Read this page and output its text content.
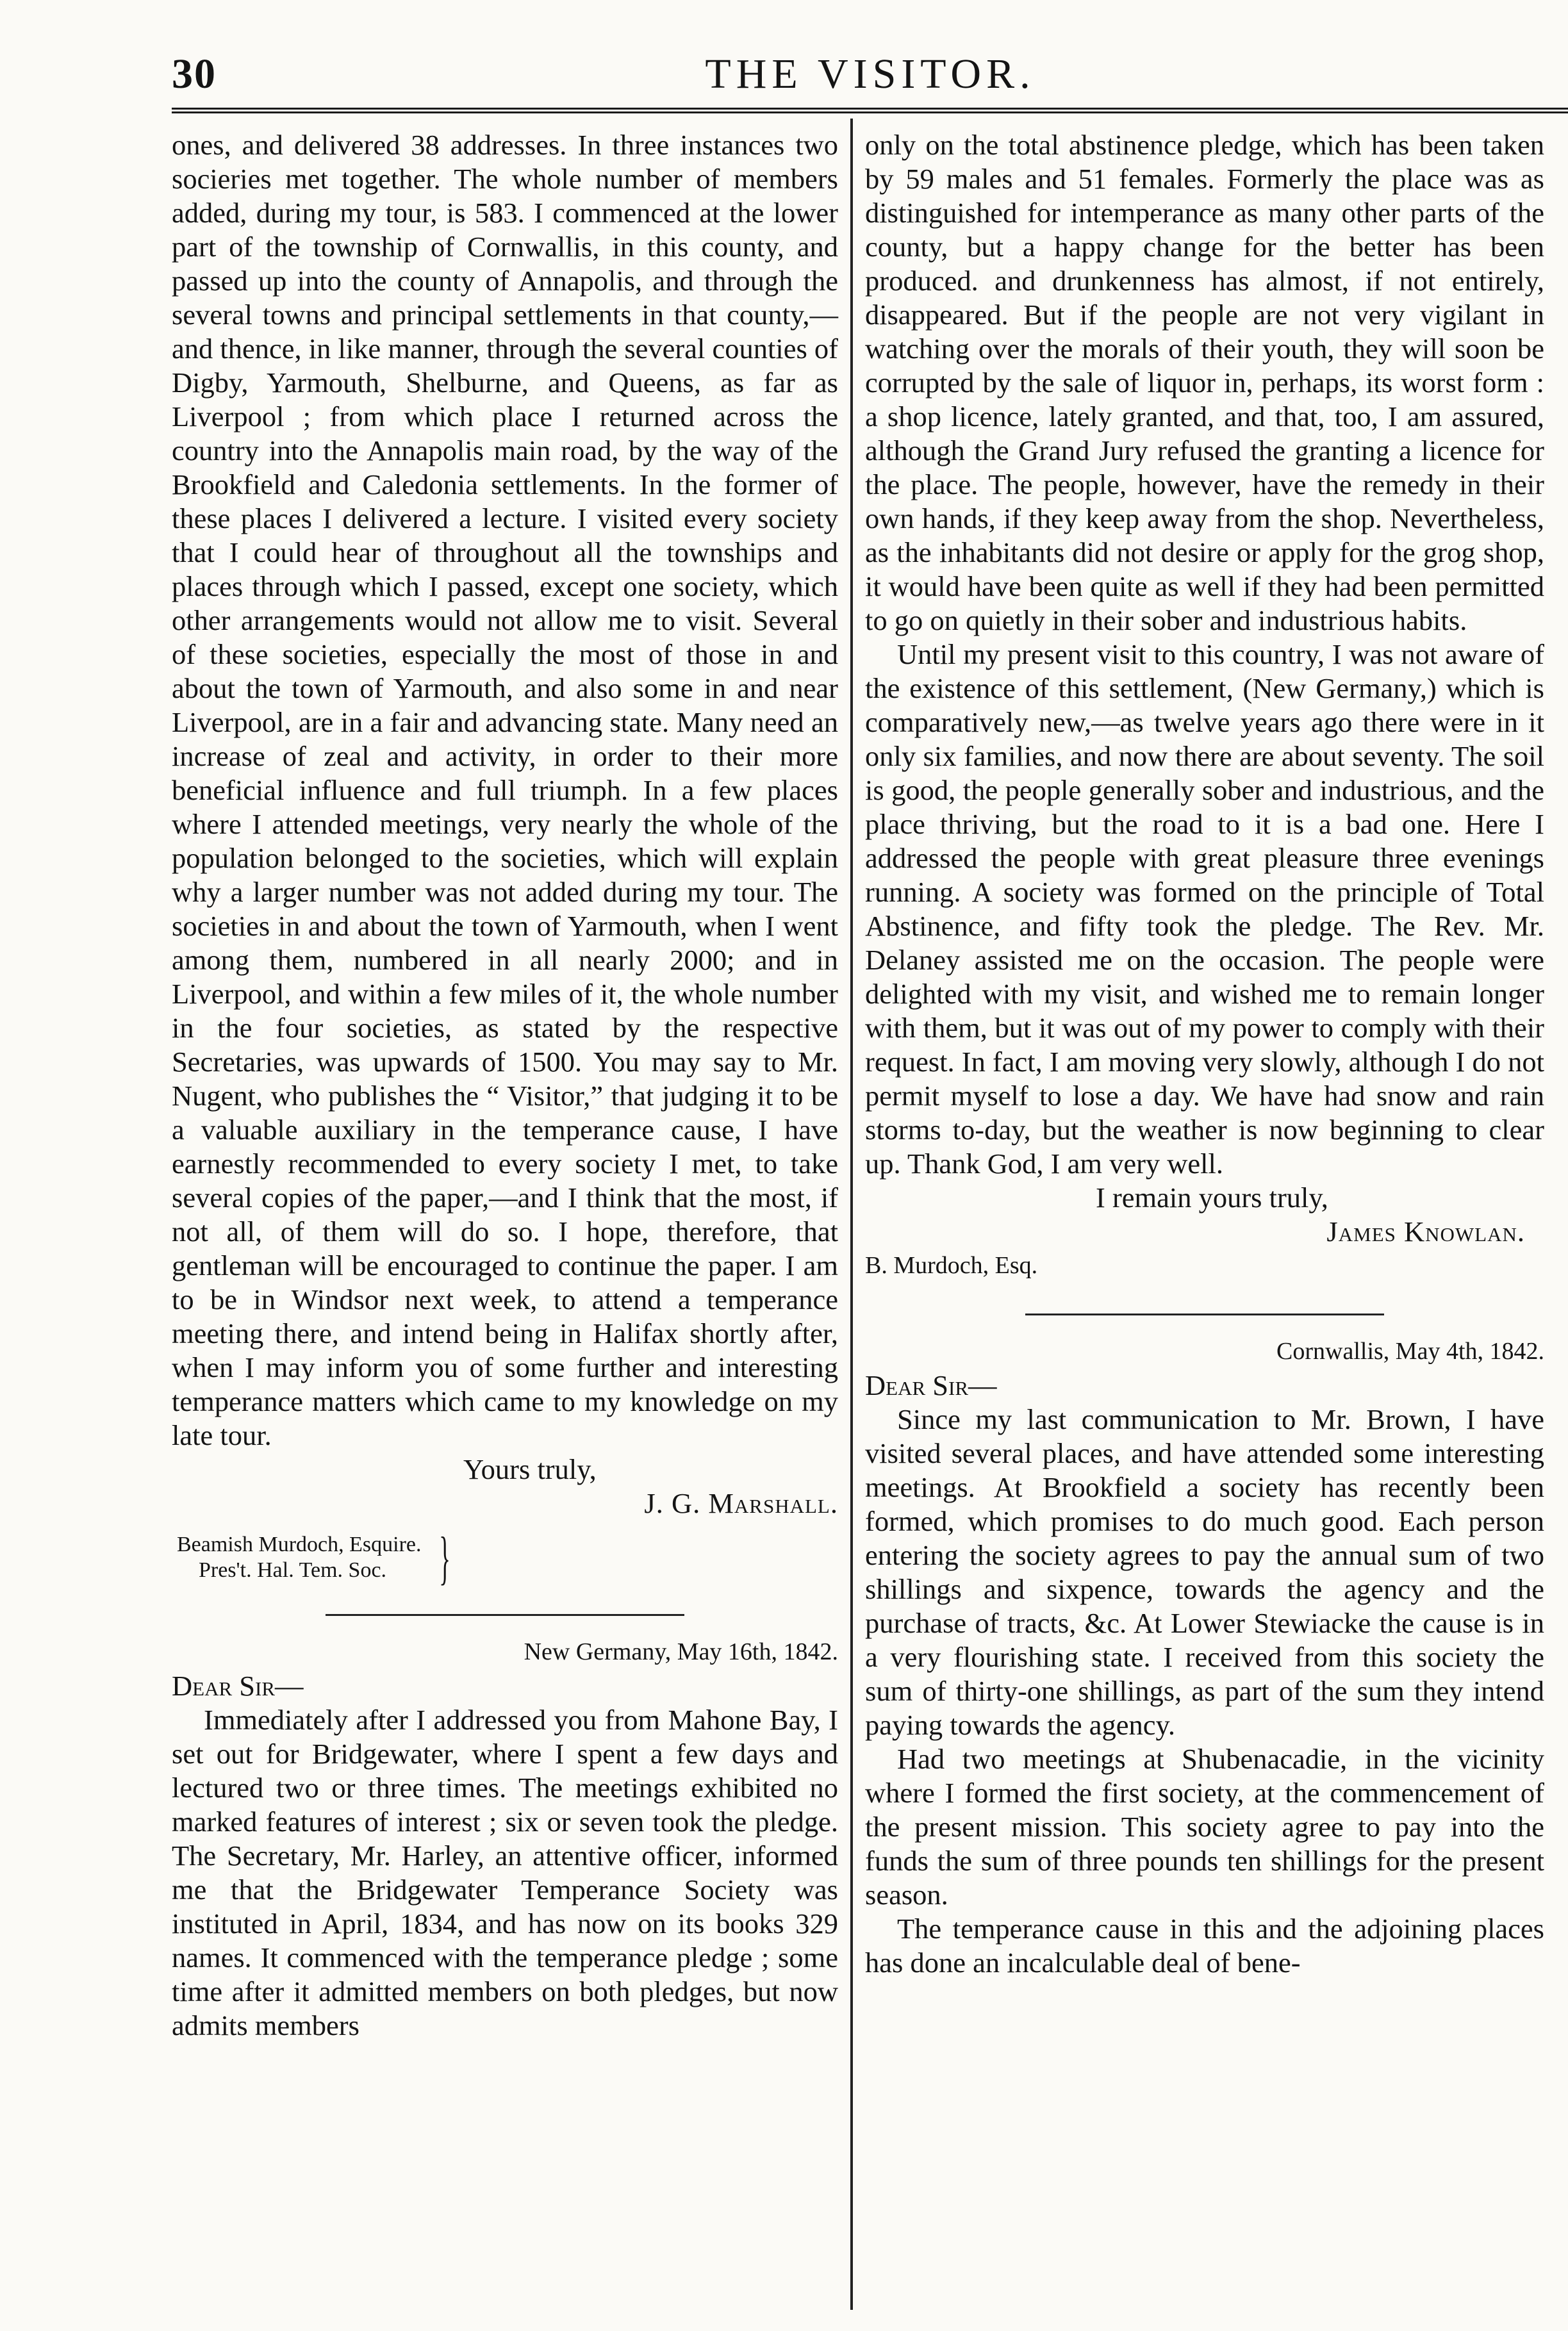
30	THE VISITOR.

ones, and delivered 38 addresses. In three instances two socieries met together. The whole number of members added, during my tour, is 583. I commenced at the lower part of the township of Cornwallis, in this county, and passed up into the county of Annapolis, and through the several towns and principal settlements in that county,—and thence, in like manner, through the several counties of Digby, Yarmouth, Shelburne, and Queens, as far as Liverpool ; from which place I returned across the country into the Annapolis main road, by the way of the Brookfield and Caledonia settlements. In the former of these places I delivered a lecture. I visited every society that I could hear of throughout all the townships and places through which I passed, except one society, which other arrangements would not allow me to visit. Several of these societies, especially the most of those in and about the town of Yarmouth, and also some in and near Liverpool, are in a fair and advancing state. Many need an increase of zeal and activity, in order to their more beneficial influence and full triumph. In a few places where I attended meetings, very nearly the whole of the population belonged to the societies, which will explain why a larger number was not added during my tour. The societies in and about the town of Yarmouth, when I went among them, numbered in all nearly 2000; and in Liverpool, and within a few miles of it, the whole number in the four societies, as stated by the respective Secretaries, was upwards of 1500. You may say to Mr. Nugent, who publishes the “ Visitor,” that judging it to be a valuable auxiliary in the temperance cause, I have earnestly recommended to every society I met, to take several copies of the paper,—and I think that the most, if not all, of them will do so. I hope, therefore, that gentleman will be encouraged to continue the paper. I am to be in Windsor next week, to attend a temperance meeting there, and intend being in Halifax shortly after, when I may inform you of some further and interesting temperance matters which came to my knowledge on my late tour.

Yours truly,

J. G. Marshall.

Beamish Murdoch, Esquire.
Pres't. Hal. Tem. Soc. }

New Germany, May 16th, 1842.

Dear Sir—

Immediately after I addressed you from Mahone Bay, I set out for Bridgewater, where I spent a few days and lectured two or three times. The meetings exhibited no marked features of interest ; six or seven took the pledge. The Secretary, Mr. Harley, an attentive officer, informed me that the Bridgewater Temperance Society was instituted in April, 1834, and has now on its books 329 names. It commenced with the temperance pledge ; some time after it admitted members on both pledges, but now admits members

only on the total abstinence pledge, which has been taken by 59 males and 51 females. Formerly the place was as distinguished for intemperance as many other parts of the county, but a happy change for the better has been produced. and drunkenness has almost, if not entirely, disappeared. But if the people are not very vigilant in watching over the morals of their youth, they will soon be corrupted by the sale of liquor in, perhaps, its worst form : a shop licence, lately granted, and that, too, I am assured, although the Grand Jury refused the granting a licence for the place. The people, however, have the remedy in their own hands, if they keep away from the shop. Nevertheless, as the inhabitants did not desire or apply for the grog shop, it would have been quite as well if they had been permitted to go on quietly in their sober and industrious habits.

Until my present visit to this country, I was not aware of the existence of this settlement, (New Germany,) which is comparatively new,—as twelve years ago there were in it only six families, and now there are about seventy. The soil is good, the people generally sober and industrious, and the place thriving, but the road to it is a bad one. Here I addressed the people with great pleasure three evenings running. A society was formed on the principle of Total Abstinence, and fifty took the pledge. The Rev. Mr. Delaney assisted me on the occasion. The people were delighted with my visit, and wished me to remain longer with them, but it was out of my power to comply with their request. In fact, I am moving very slowly, although I do not permit myself to lose a day. We have had snow and rain storms to-day, but the weather is now beginning to clear up. Thank God, I am very well.

I remain yours truly,

James Knowlan.

B. Murdoch, Esq.

Cornwallis, May 4th, 1842.

Dear Sir—

Since my last communication to Mr. Brown, I have visited several places, and have attended some interesting meetings. At Brookfield a society has recently been formed, which promises to do much good. Each person entering the society agrees to pay the annual sum of two shillings and sixpence, towards the agency and the purchase of tracts, &c. At Lower Stewiacke the cause is in a very flourishing state. I received from this society the sum of thirty-one shillings, as part of the sum they intend paying towards the agency.

Had two meetings at Shubenacadie, in the vicinity where I formed the first society, at the commencement of the present mission. This society agree to pay into the funds the sum of three pounds ten shillings for the present season.

The temperance cause in this and the adjoining places has done an incalculable deal of bene-
